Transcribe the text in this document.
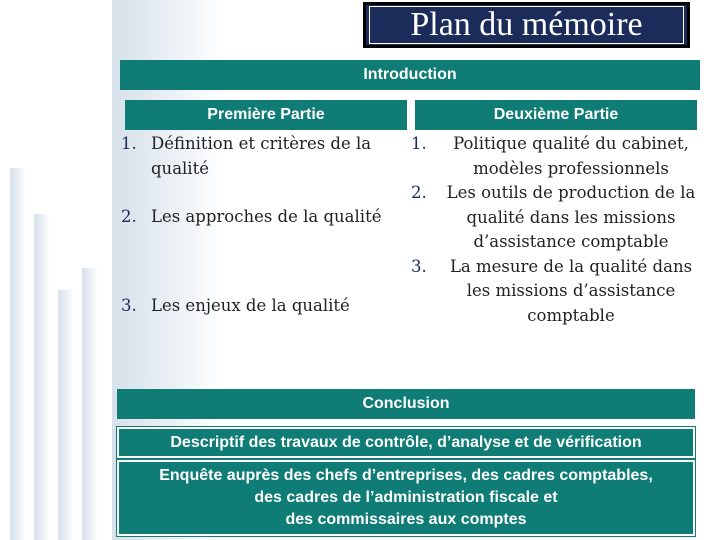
Plan du mémoire
Introduction
Première Partie	Deuxième Partie
1. Définition et critères de la qualité
2. Les approches de la qualité
3. Les enjeux de la qualité
1.	Politique qualité du cabinet, modèles professionnels
2.	Les outils de production de la qualité dans les missions d’assistance comptable
3.	La mesure de la qualité dans les missions d’assistance comptable
Conclusion
Descriptif des travaux de contrôle, d’analyse et de vérification
Enquête auprès des chefs d’entreprises, des cadres comptables,
des cadres de l’administration fiscale et
des commissaires aux comptes
